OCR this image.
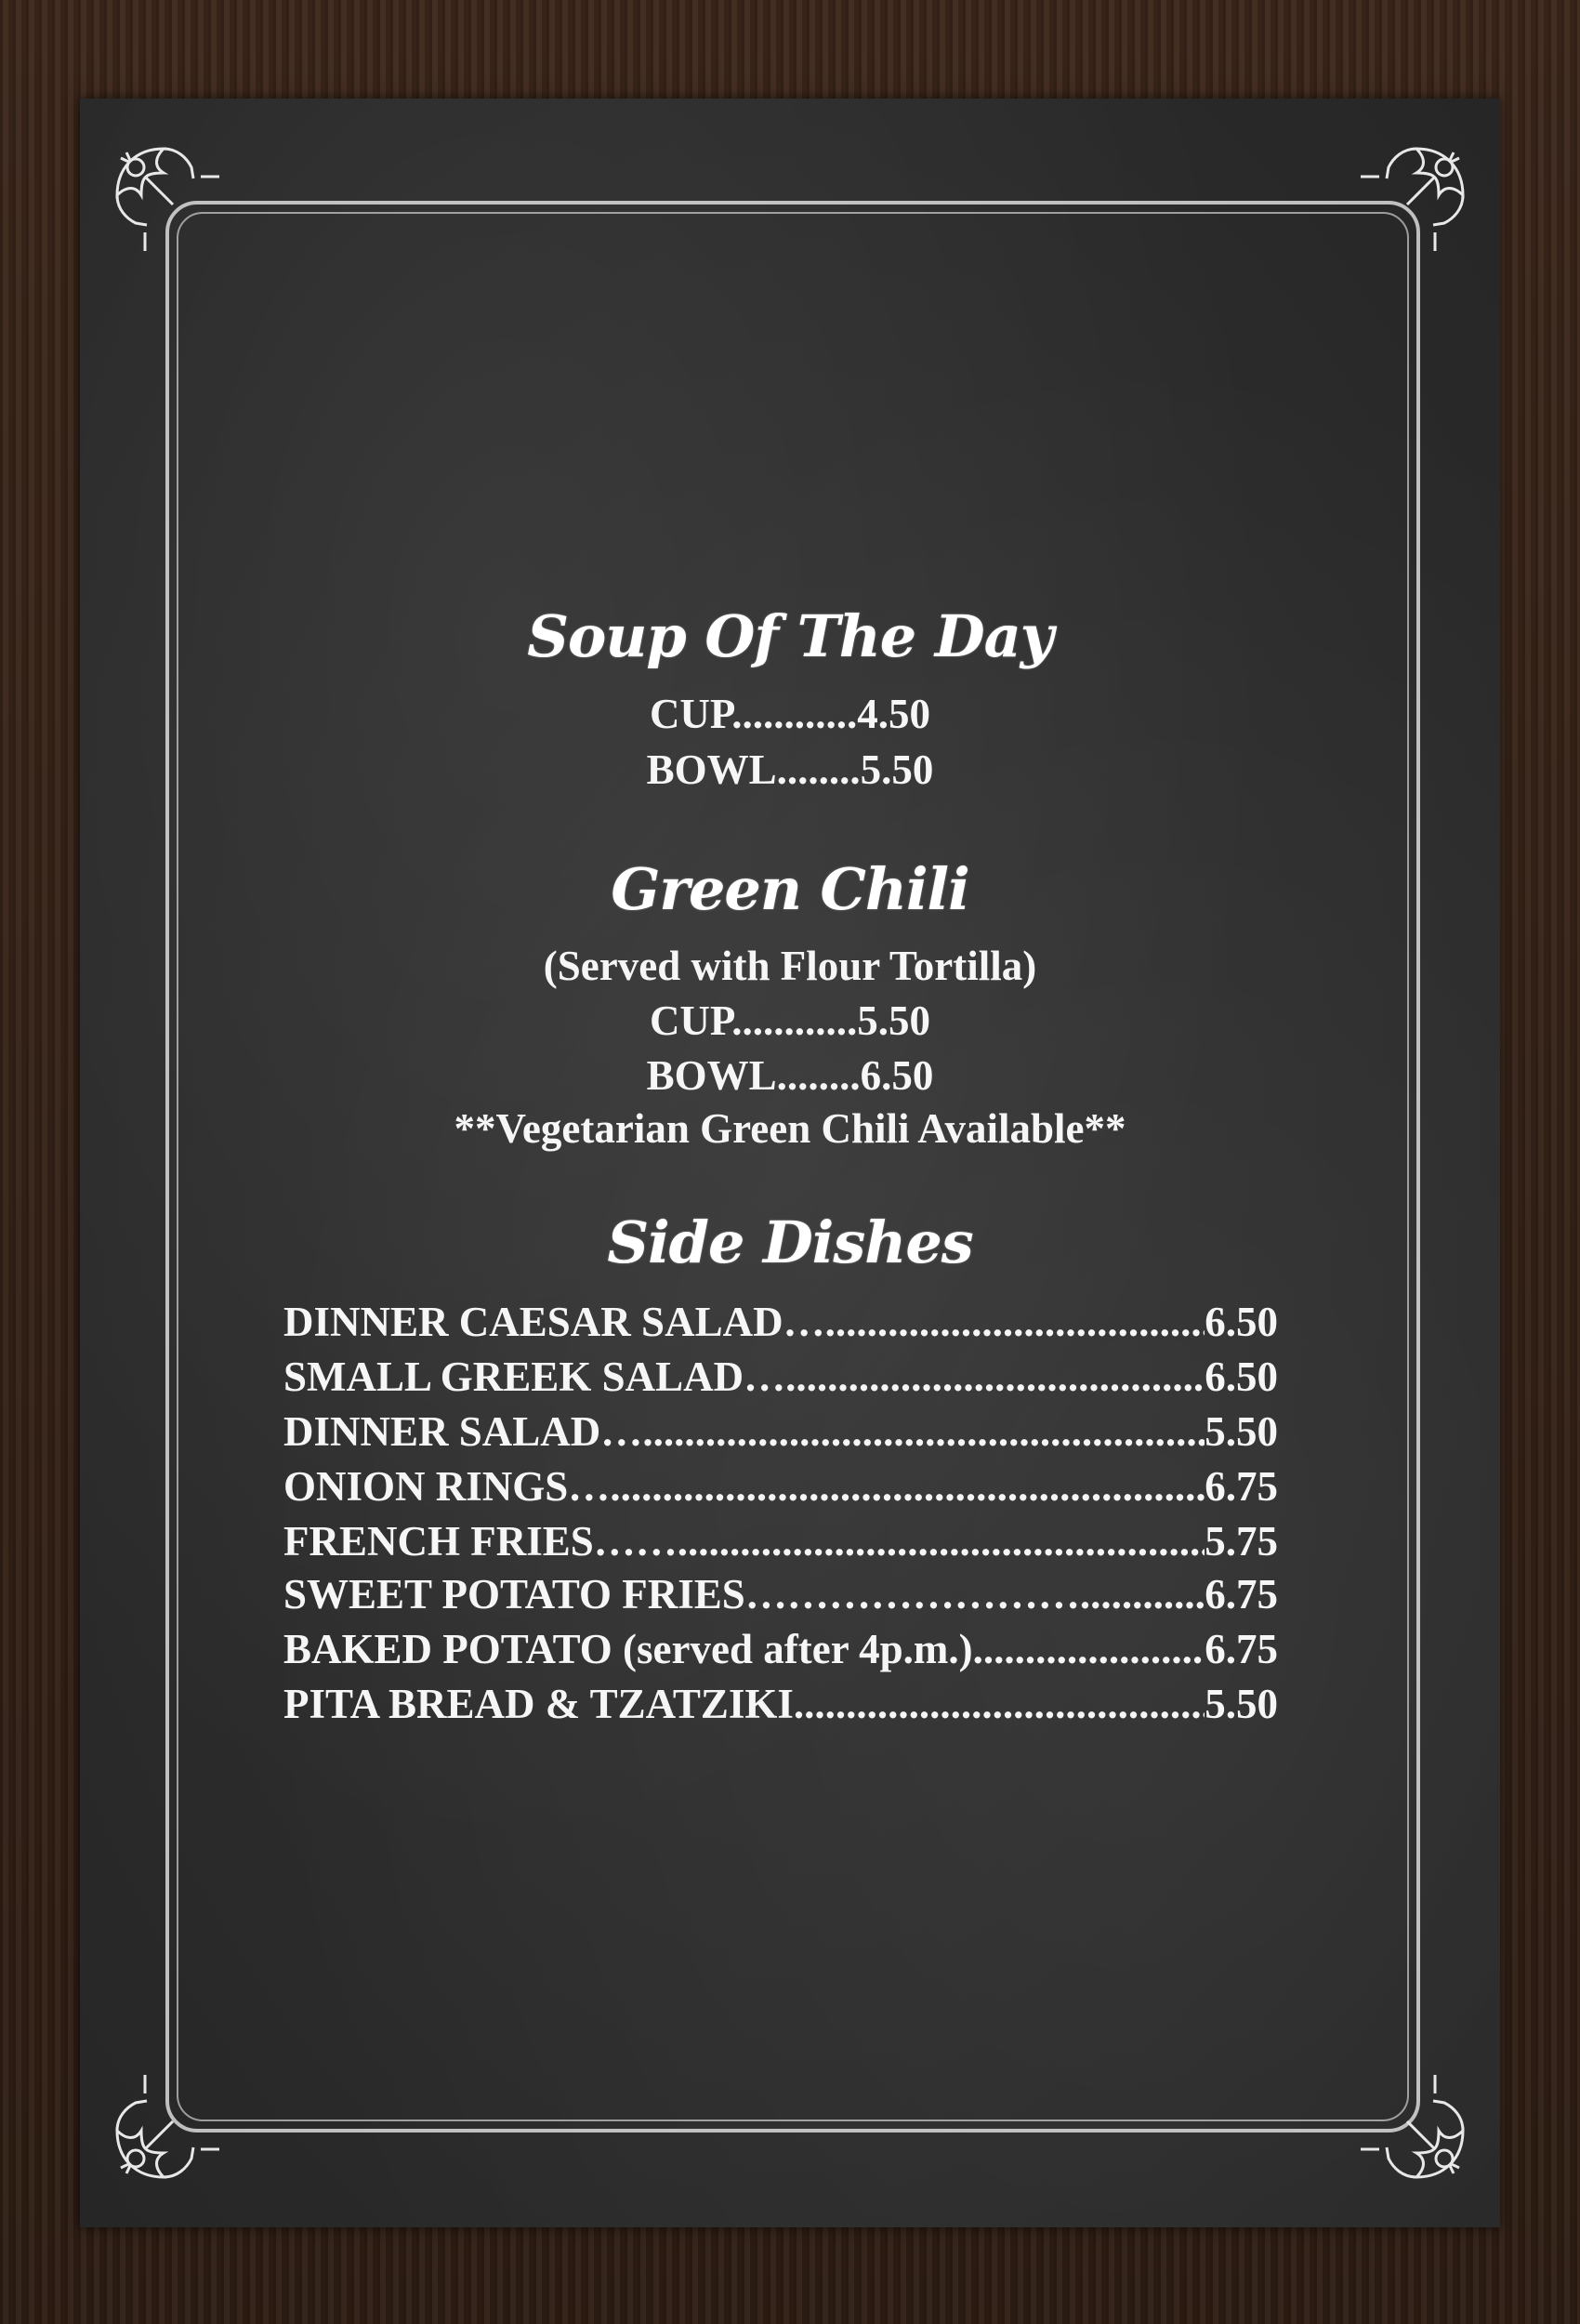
Soup Of The Day
CUP............4.50
BOWL........5.50
Green Chili
(Served with Flour Tortilla)
CUP............5.50
BOWL........6.50
**Vegetarian Green Chili Available**
Side Dishes
DINNER CAESAR SALAD… .....	6.50
SMALL GREEK SALAD… .....	6.50
DINNER SALAD… .....	5.50
ONION RINGS… .....	6.75
FRENCH FRIES…… .....	5.75
SWEET POTATO FRIES…………………….. ..... 6.75
BAKED POTATO (served after 4p.m.) .....	6.75
PITA BREAD & TZATZIKI .....	5.50
